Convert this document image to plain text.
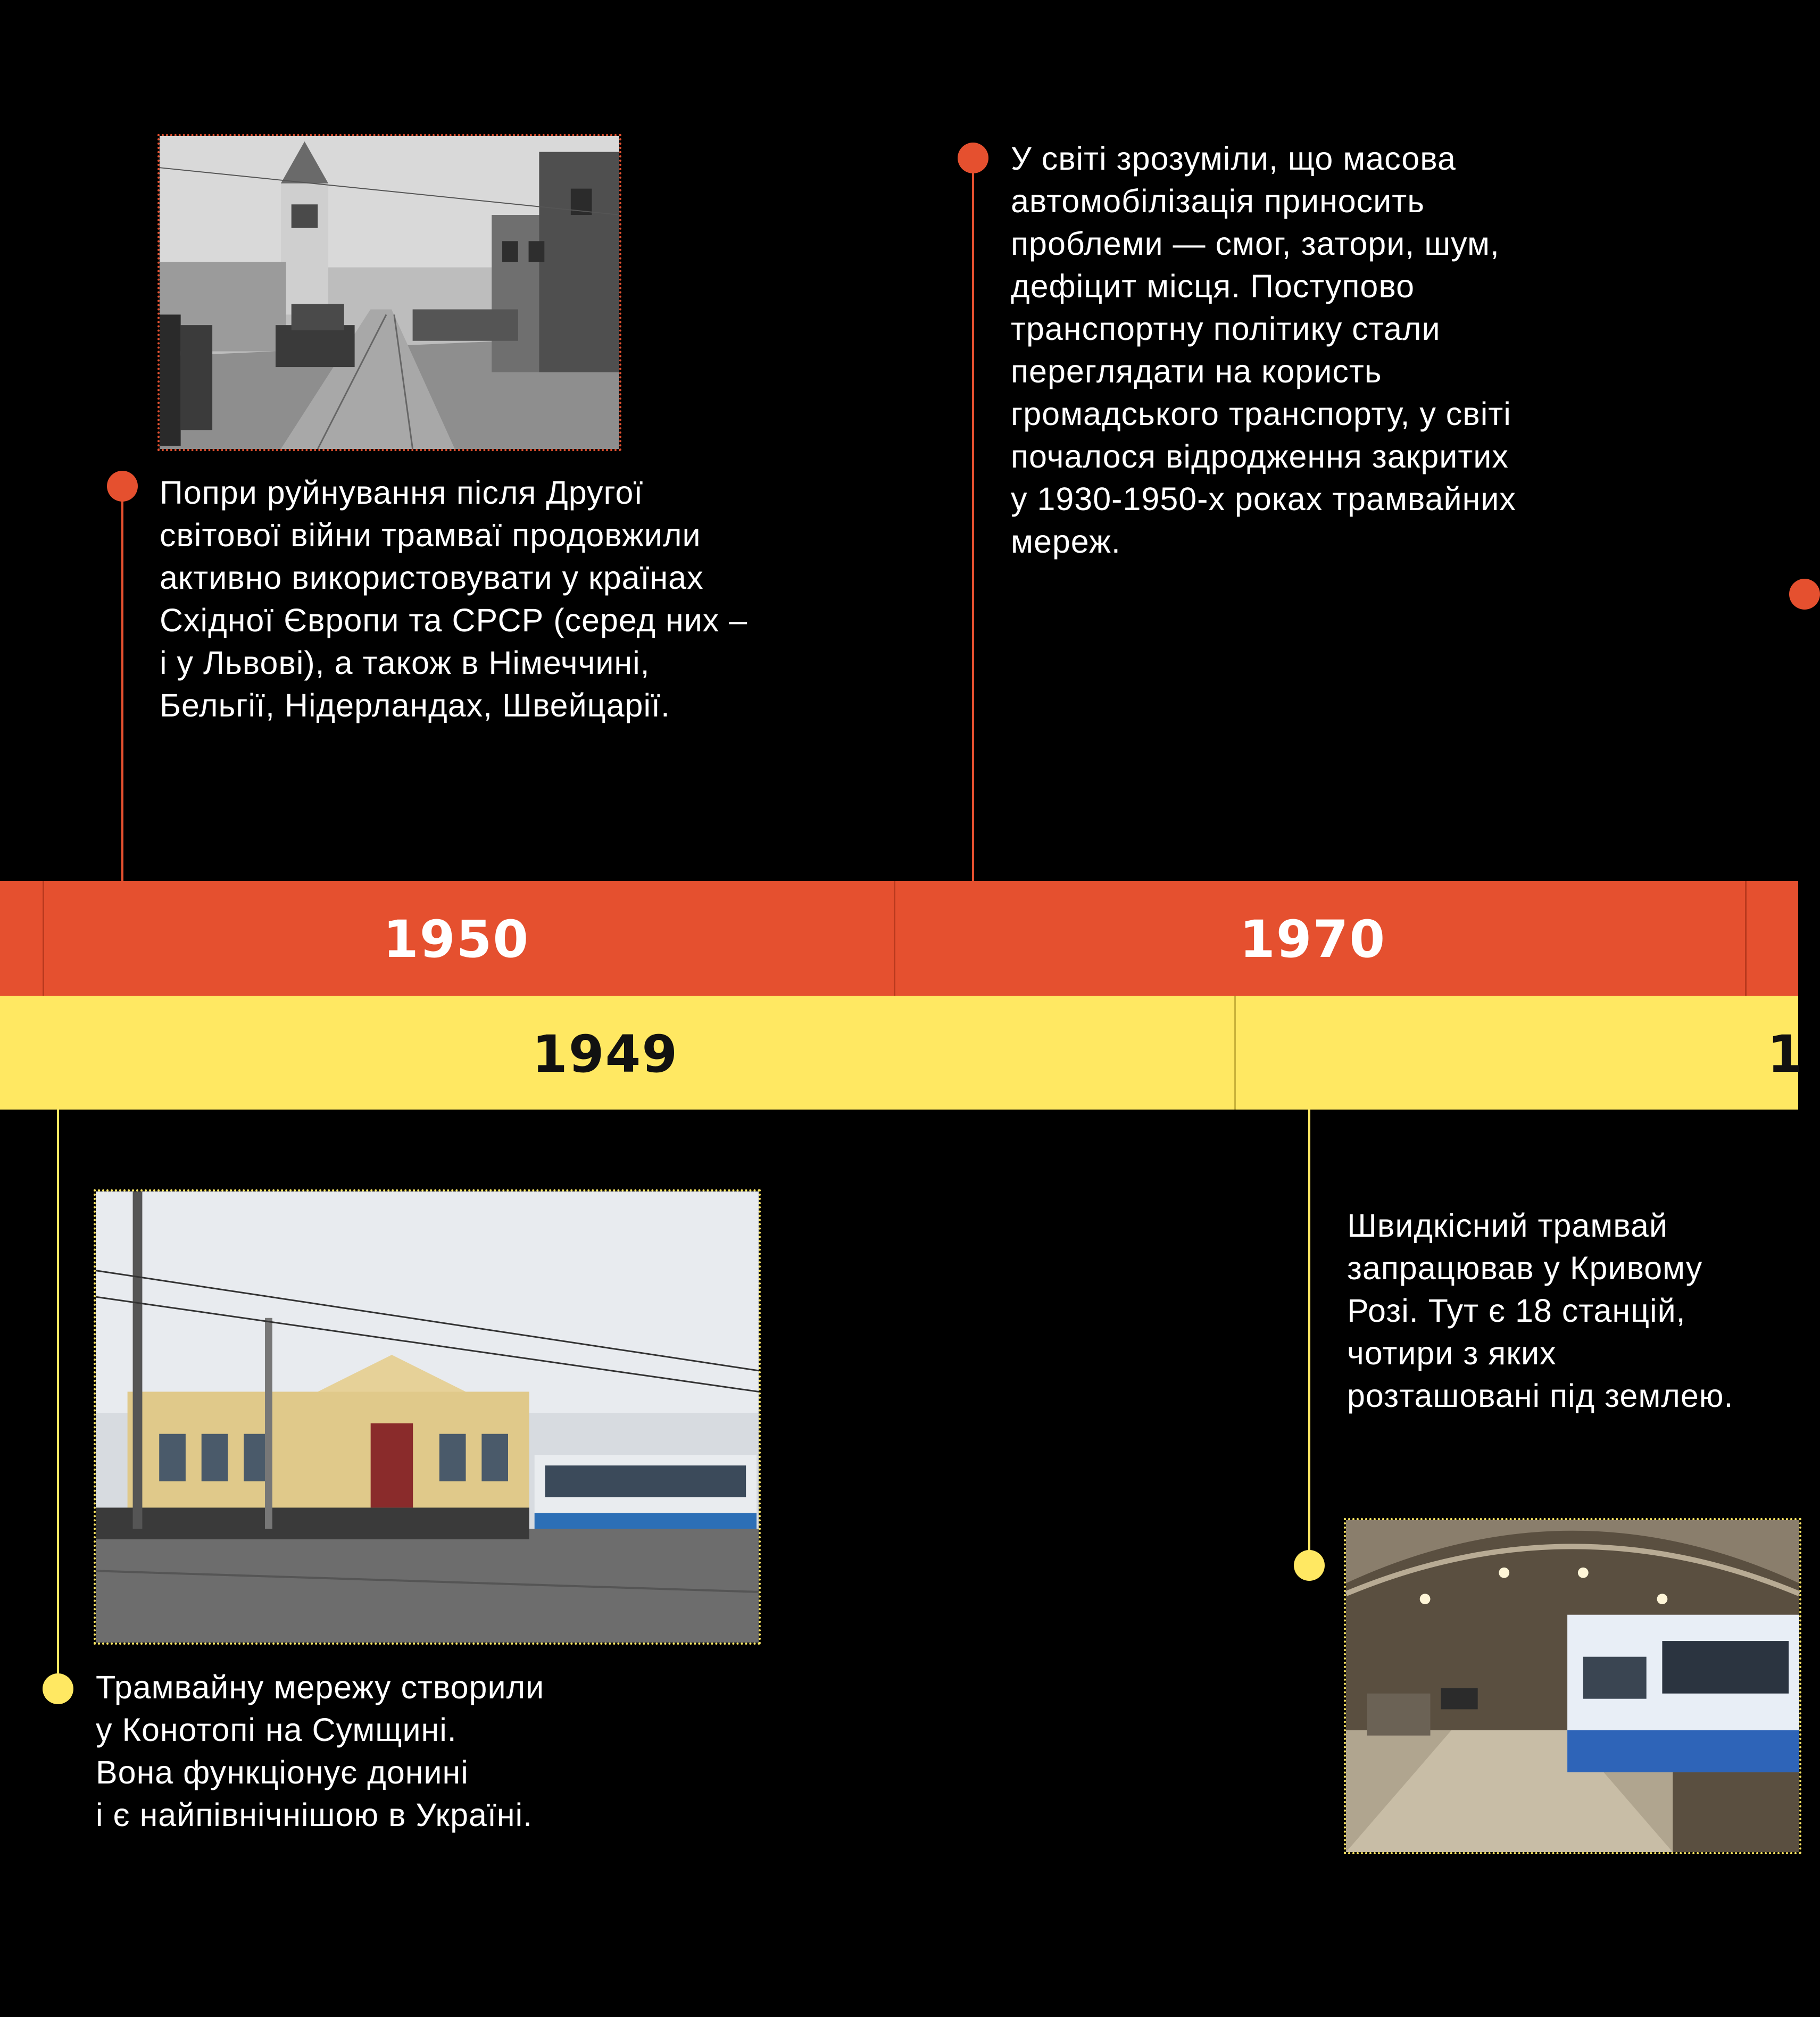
Попри руйнування після Другої
світової війни трамваї продовжили
активно використовувати у країнах
Східної Європи та СРСР (серед них –
і у Львові), а також в Німеччині,
Бельгії, Нідерландах, Швейцарії.
У світі зрозуміли, що масова
автомобілізація приносить
проблеми — смог, затори, шум,
дефіцит місця. Поступово
транспортну політику стали
переглядати на користь
громадського транспорту, у світі
почалося відродження закритих
у 1930-1950-х роках трамвайних
мереж.
1950	1970
1949	1
Трамвайну мережу створили
у Конотопі на Сумщині.
Вона функціонує донині
і є найпівнічнішою в Україні.
Швидкісний трамвай
запрацював у Кривому
Розі. Тут є 18 станцій,
чотири з яких
розташовані під землею.
